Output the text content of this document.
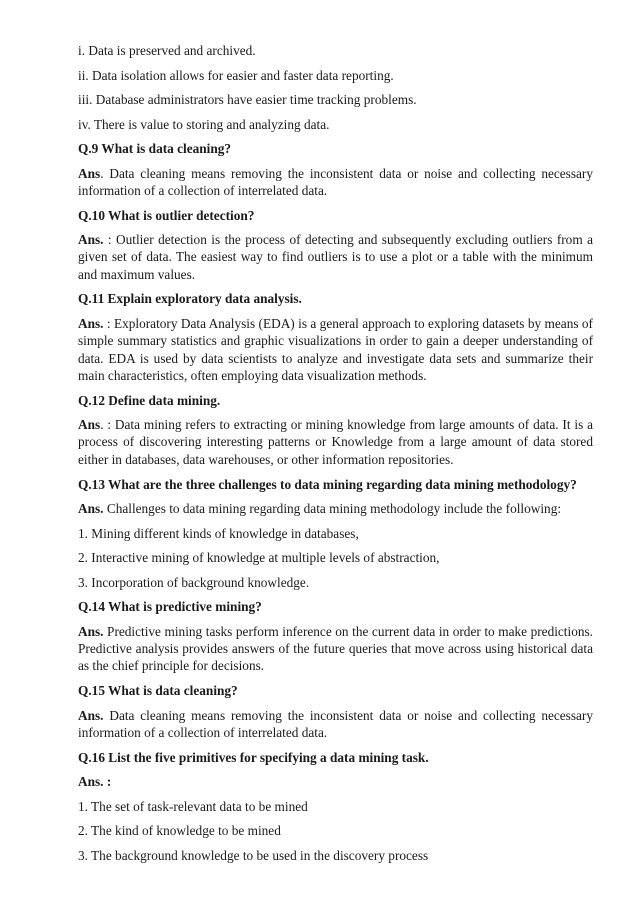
i. Data is preserved and archived.
ii. Data isolation allows for easier and faster data reporting.
iii. Database administrators have easier time tracking problems.
iv. There is value to storing and analyzing data.
Q.9 What is data cleaning?
Ans. Data cleaning means removing the inconsistent data or noise and collecting necessary information of a collection of interrelated data.
Q.10 What is outlier detection?
Ans. : Outlier detection is the process of detecting and subsequently excluding outliers from a given set of data. The easiest way to find outliers is to use a plot or a table with the minimum and maximum values.
Q.11 Explain exploratory data analysis.
Ans. : Exploratory Data Analysis (EDA) is a general approach to exploring datasets by means of simple summary statistics and graphic visualizations in order to gain a deeper understanding of data. EDA is used by data scientists to analyze and investigate data sets and summarize their main characteristics, often employing data visualization methods.
Q.12 Define data mining.
Ans. : Data mining refers to extracting or mining knowledge from large amounts of data. It is a process of discovering interesting patterns or Knowledge from a large amount of data stored either in databases, data warehouses, or other information repositories.
Q.13 What are the three challenges to data mining regarding data mining methodology?
Ans. Challenges to data mining regarding data mining methodology include the following:
1. Mining different kinds of knowledge in databases,
2. Interactive mining of knowledge at multiple levels of abstraction,
3. Incorporation of background knowledge.
Q.14 What is predictive mining?
Ans. Predictive mining tasks perform inference on the current data in order to make predictions. Predictive analysis provides answers of the future queries that move across using historical data as the chief principle for decisions.
Q.15 What is data cleaning?
Ans. Data cleaning means removing the inconsistent data or noise and collecting necessary information of a collection of interrelated data.
Q.16 List the five primitives for specifying a data mining task.
Ans. :
1. The set of task-relevant data to be mined
2. The kind of knowledge to be mined
3. The background knowledge to be used in the discovery process
